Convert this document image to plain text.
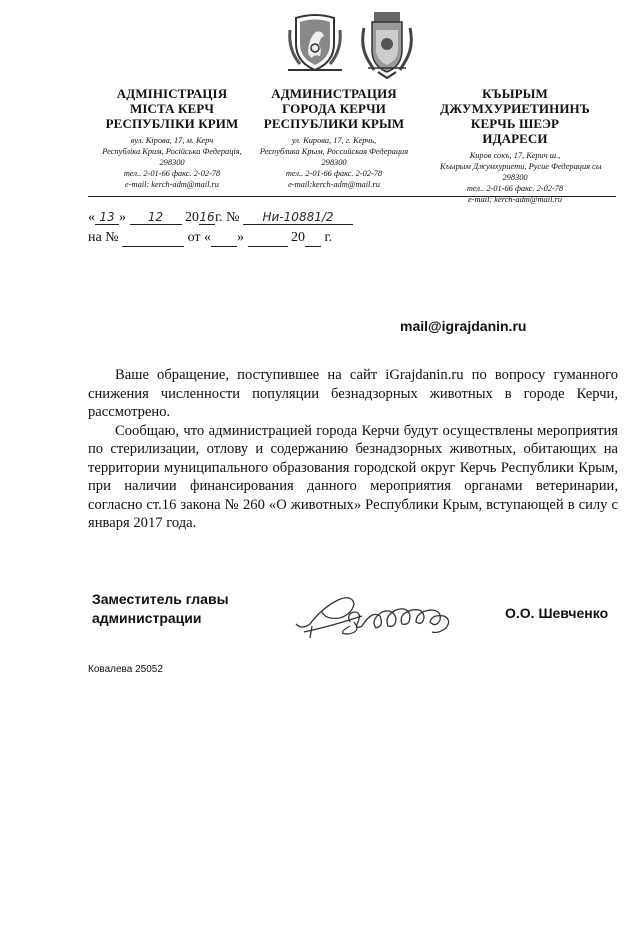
АДМІНІСТРАЦІЯ
МІСТА КЕРЧ
РЕСПУБЛІКИ КРИМ
вул. Кірова, 17, м. Керч
Республіка Крим, Російська Федерація,
298300
тел.. 2-01-66 факс. 2-02-78
e-mail: kerch-adm@mail.ru
АДМИНИСТРАЦИЯ
ГОРОДА КЕРЧИ
РЕСПУБЛИКИ КРЫМ
ул. Кирова, 17, г. Керчь,
Республика Крым, Российская Федерация
298300
тел.. 2-01-66 факс. 2-02-78
e-mail:kerch-adm@mail.ru
КЪЫРЫМ
ДЖУМХУРИЕТИНИНЪ
КЕРЧЬ ШЕЭР ИДАРЕСИ
Киров сокъ, 17, Керич ш.,
Къырым Джумхуриети, Русие Федерация сы
298300
тел.. 2-01-66 факс. 2-02-78
e-mail: kerch-adm@mail.ru
« 13 » 12 2016г. № Ни-10881/2
на №	от « »	20 г.
mail@igrajdanin.ru

Ваше обращение, поступившее на сайт iGrajdanin.ru по вопросу гуманного снижения численности популяции безнадзорных животных в городе Керчи, рассмотрено.

Сообщаю, что администрацией города Керчи будут осуществлены мероприятия по стерилизации, отлову и содержанию безнадзорных животных, обитающих на территории муниципального образования городской округ Керчь Республики Крым, при наличии финансирования данного мероприятия органами ветеринарии, согласно ст.16 закона № 260 «О животных» Республики Крым, вступающей в силу с января 2017 года.

Заместитель главы
администрации	О.О. Шевченко
Ковалева 25052
